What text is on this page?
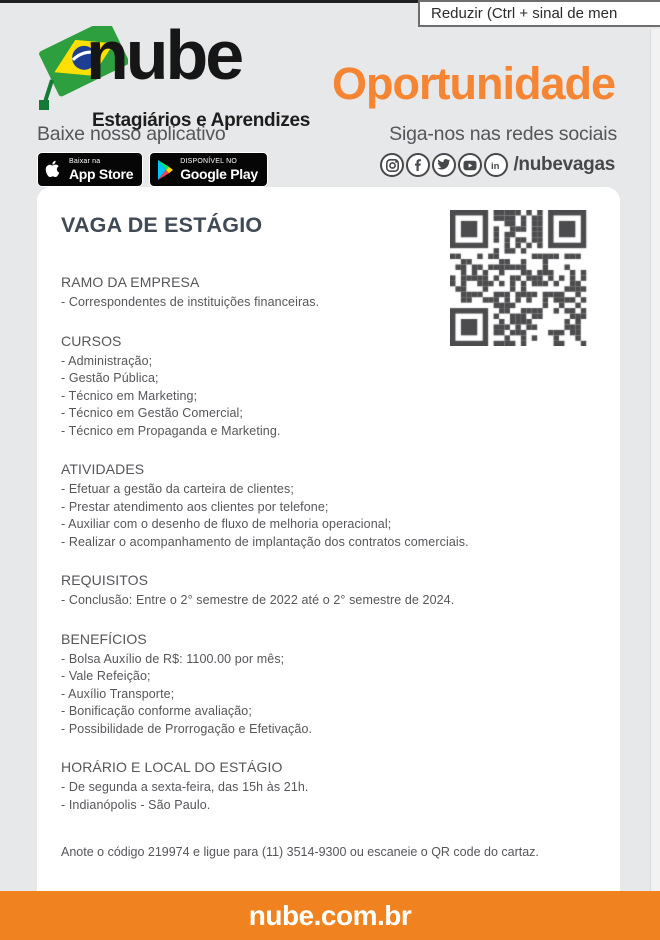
Reduzir (Ctrl + sinal de men
nube
Estagiários e Aprendizes
Oportunidade
Baixe nosso aplicativo	Siga-nos nas redes sociais
Baixar na
App Store
DISPONÍVEL NO
Google Play	in /nubevagas
VAGA DE ESTÁGIO
RAMO DA EMPRESA
- Correspondentes de instituições financeiras.
CURSOS
- Administração;
- Gestão Pública;
- Técnico em Marketing;
- Técnico em Gestão Comercial;
- Técnico em Propaganda e Marketing.
ATIVIDADES
- Efetuar a gestão da carteira de clientes;
- Prestar atendimento aos clientes por telefone;
- Auxiliar com o desenho de fluxo de melhoria operacional;
- Realizar o acompanhamento de implantação dos contratos comerciais.
REQUISITOS
- Conclusão: Entre o 2° semestre de 2022 até o 2° semestre de 2024.
BENEFÍCIOS
- Bolsa Auxílio de R$: 1100.00 por mês;
- Vale Refeição;
- Auxílio Transporte;
- Bonificação conforme avaliação;
- Possibilidade de Prorrogação e Efetivação.
HORÁRIO E LOCAL DO ESTÁGIO
- De segunda a sexta-feira, das 15h às 21h.
- Indianópolis - São Paulo.
Anote o código 219974 e ligue para (11) 3514-9300 ou escaneie o QR code do cartaz.
nube.com.br
